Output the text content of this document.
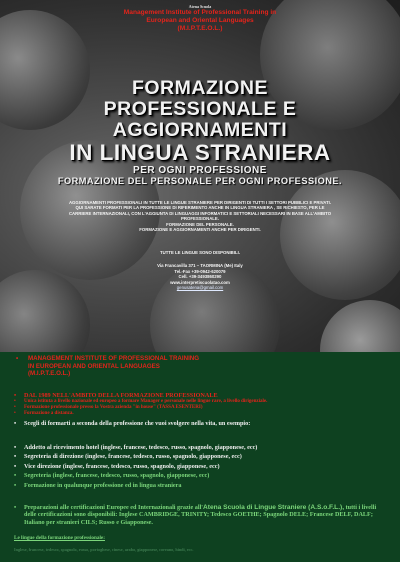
Atena Scuola
Management Institute of Professional Training in
European and Oriental Languages
(M.I.P.T.E.O.L.)
FORMAZIONE
PROFESSIONALE E
AGGIORNAMENTI
IN LINGUA STRANIERA
PER OGNI PROFESSIONE
FORMAZIONE DEL PERSONALE PER OGNI PROFESSIONE.
AGGIORNAMENTI PROFESSIONALI IN TUTTE LE LINGUE STRANIERE PER DIRIGENTI DI TUTTI I SETTORI PUBBLICI E PRIVATI.
QUI SARATE FORMATI PER LA PROFESSIONE DI RIFERIMENTO ANCHE IN LINGUA STRANIERA , SE RICHIESTO, PER LE
CARRIERE INTERNAZIONALI, CON L'AGGIUNTA DI LINGUAGGI INFORMATICI E SETTORIALI NECESSARI IN BASE ALL'AMBITO
PROFESSIONALE.
FORMAZIONE DEL PERSONALE.
FORMAZIONE E AGGIORNAMENTI ANCHE PER DIRIGENTI.
TUTTE LE LINGUE SONO DISPONIBILI.
Via Francavilla 371 – TAORMINA (Me) Italy
Tel.-Fax +39-0942-620079
Cell. +39-3493860290
www.interpretiscuolatao.com
genusatena@gmail.com
• MANAGEMENT INSTITUTE OF PROFESSIONAL TRAINING
IN EUROPEAN AND ORIENTAL LANGUAGES
(M.I.P.T.E.O.L.)
• DAL 1989 NELL'AMBITO DELLA FORMAZIONE PROFESSIONALE
• Unica istituta a livello nazionale ed europeo a formare Manager e personale nelle lingue rare, a livello dirigenziale.
• Formazione professionale presso la Vostra azienda "in house" (TASSA ESENTERI)
• Formazione a distanza.
• Scegli di formarti a seconda della professione che vuoi svolgere nella vita, un esempio:
• Addetto al ricevimento hotel (inglese, francese, tedesco, russo, spagnolo, giapponese, ecc)
• Segreteria di direzione (inglese, francese, tedesco, russo, spagnolo, giapponese, ecc)
• Vice direzione (inglese, francese, tedesco, russo, spagnolo, giapponese, ecc)
• Segreteria (inglese, francese, tedesco, russo, spagnolo, giapponese, ecc)
• Formazione in qualunque professione ed in lingua straniera
• Preparazioni alle certificazioni Europee ed Internazionali grazie all'Atena Scuola di Lingue Straniere (A.S.o.F.L.), tutti i livelli delle certificazioni sono disponibili: Inglese CAMBRIDGE, TRINITY; Tedesco GOETHE; Spagnolo DELE; Francese DELF, DALF; Italiano per stranieri CILS; Russo e Giapponese.
Le lingue della formazione professionale:
Inglese, francese, tedesco, spagnolo, russo, portoghese, cinese, arabo, giapponese, coreano, hindi, ecc.
